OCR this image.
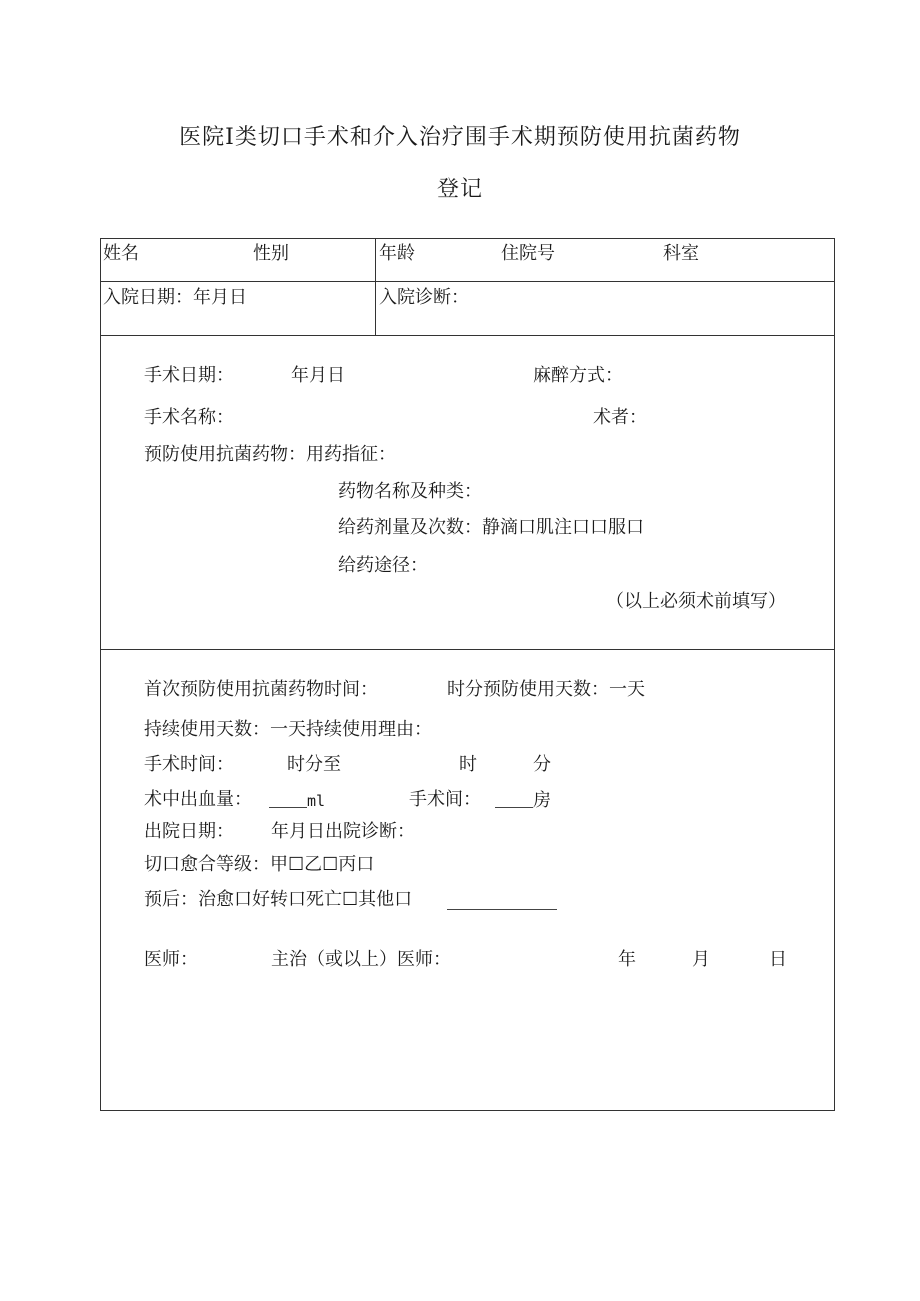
医院Ⅰ类切口手术和介入治疗围手术期预防使用抗菌药物
登记
姓名	性别	年龄	住院号	科室
入院日期：年月日	入院诊断：
手术日期：	年月日	麻醉方式：
手术名称：	术者：
预防使用抗菌药物：用药指征：
药物名称及种类：
给药剂量及次数：静滴口肌注口口服口
给药途径：
（以上必须术前填写）
首次预防使用抗菌药物时间：	时分预防使用天数：一天
持续使用天数：一天持续使用理由：
手术时间：	时分至	时	分
术中出血量：	ml	手术间：	房
出院日期： 年月日出院诊断：
切口愈合等级：甲☐乙☐丙口
预后：治愈口好转口死亡☐其他口
医师：	主治（或以上）医师：	年	月	日
